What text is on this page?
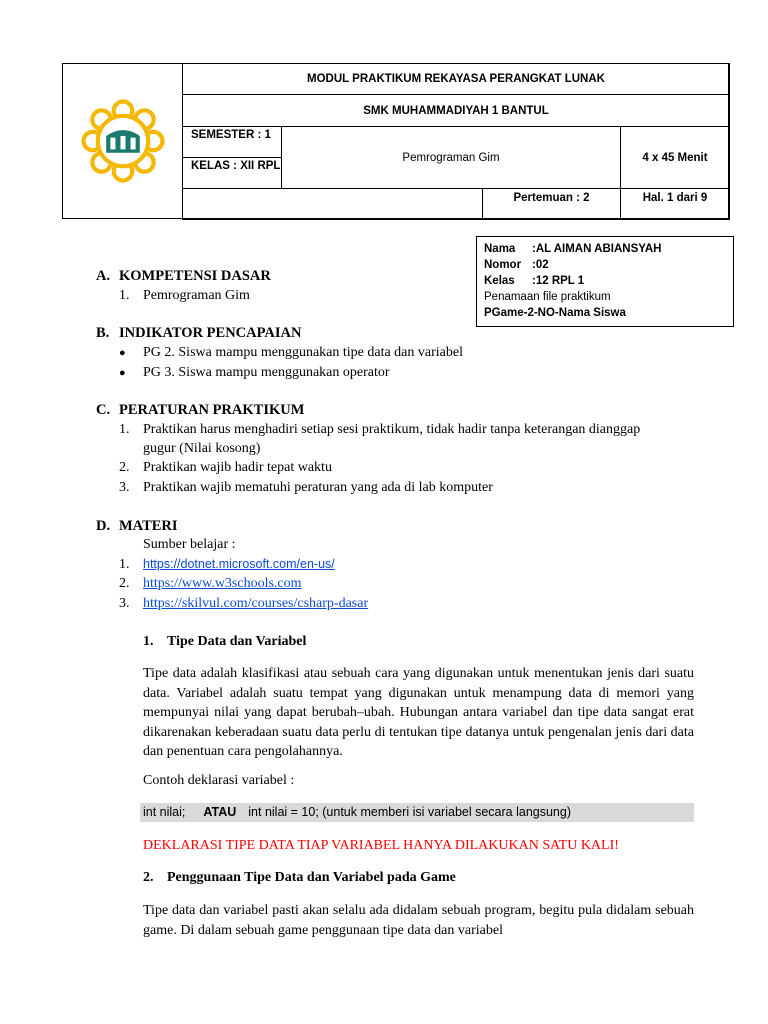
MODUL PRAKTIKUM REKAYASA PERANGKAT LUNAK
SMK MUHAMMADIYAH 1 BANTUL
SEMESTER : 1
KELAS : XII RPL
Pemrograman Gim	4 x 45 Menit
Pertemuan : 2	Hal. 1 dari 9
Nama :AL AIMAN ABIANSYAH
Nomor :02
Kelas :12 RPL 1
Penamaan file praktikum
PGame-2-NO-Nama Siswa
A. KOMPETENSI DASAR
1. Pemrograman Gim
B. INDIKATOR PENCAPAIAN
● PG 2. Siswa mampu menggunakan tipe data dan variabel
● PG 3. Siswa mampu menggunakan operator
C. PERATURAN PRAKTIKUM
1. Praktikan harus menghadiri setiap sesi praktikum, tidak hadir tanpa keterangan dianggap
gugur (Nilai kosong)
2. Praktikan wajib hadir tepat waktu
3. Praktikan wajib mematuhi peraturan yang ada di lab komputer
D. MATERI
Sumber belajar :
1. https://dotnet.microsoft.com/en-us/
2. https://www.w3schools.com
3. https://skilvul.com/courses/csharp-dasar
1. Tipe Data dan Variabel
Tipe data adalah klasifikasi atau sebuah cara yang digunakan untuk menentukan jenis dari suatu data. Variabel adalah suatu tempat yang digunakan untuk menampung data di memori yang mempunyai nilai yang dapat berubah–ubah. Hubungan antara variabel dan tipe data sangat erat dikarenakan keberadaan suatu data perlu di tentukan tipe datanya untuk pengenalan jenis dari data dan penentuan cara pengolahannya.
Contoh deklarasi variabel :
int nilai; ATAU int nilai = 10; (untuk memberi isi variabel secara langsung)
DEKLARASI TIPE DATA TIAP VARIABEL HANYA DILAKUKAN SATU KALI!
2. Penggunaan Tipe Data dan Variabel pada Game
Tipe data dan variabel pasti akan selalu ada didalam sebuah program, begitu pula didalam sebuah game. Di dalam sebuah game penggunaan tipe data dan variabel
